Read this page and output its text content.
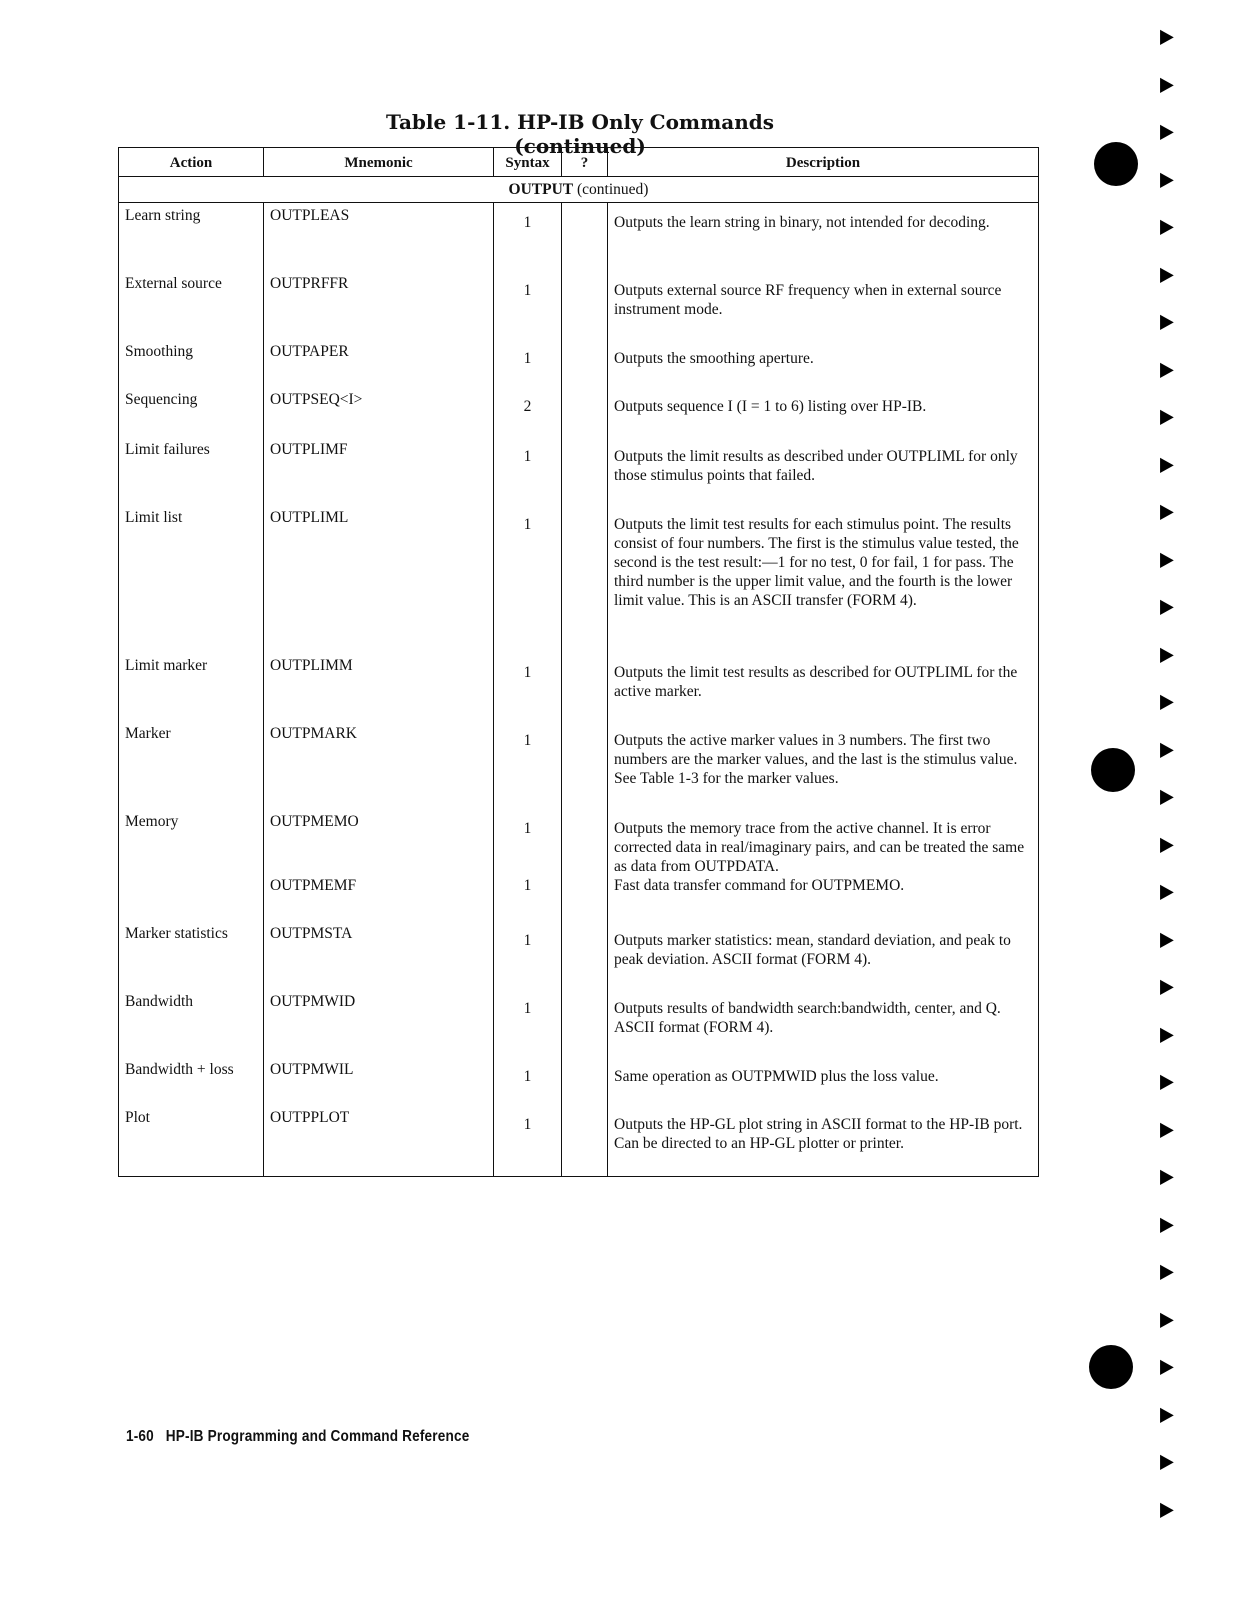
Table 1-11. HP-IB Only Commands (continued)
Action	Mnemonic	Syntax	?	Description
OUTPUT (continued)				
Learn string	OUTPLEAS	1		Outputs the learn string in binary, not intended for decoding.
External source	OUTPRFFR	1		Outputs external source RF frequency when in external source instrument mode.
Smoothing	OUTPAPER	1		Outputs the smoothing aperture.
Sequencing	OUTPSEQ<I>	2		Outputs sequence I (I = 1 to 6) listing over HP-IB.
Limit failures	OUTPLIMF	1		Outputs the limit results as described under OUTPLIML for only those stimulus points that failed.
Limit list	OUTPLIML	1		Outputs the limit test results for each stimulus point. The results consist of four numbers. The first is the stimulus value tested, the second is the test result:—1 for no test, 0 for fail, 1 for pass. The third number is the upper limit value, and the fourth is the lower limit value. This is an ASCII transfer (FORM 4).
Limit marker	OUTPLIMM	1		Outputs the limit test results as described for OUTPLIML for the active marker.
Marker	OUTPMARK	1		Outputs the active marker values in 3 numbers. The first two numbers are the marker values, and the last is the stimulus value. See Table 1-3 for the marker values.
Memory	OUTPMEMO	1		Outputs the memory trace from the active channel. It is error corrected data in real/imaginary pairs, and can be treated the same as data from OUTPDATA.
	OUTPMEMF	1		Fast data transfer command for OUTPMEMO.
Marker statistics	OUTPMSTA	1		Outputs marker statistics: mean, standard deviation, and peak to peak deviation. ASCII format (FORM 4).
Bandwidth	OUTPMWID	1		Outputs results of bandwidth search:bandwidth, center, and Q. ASCII format (FORM 4).
Bandwidth + loss	OUTPMWIL	1		Same operation as OUTPMWID plus the loss value.
Plot	OUTPPLOT	1		Outputs the HP-GL plot string in ASCII format to the HP-IB port. Can be directed to an HP-GL plotter or printer.
1-60 HP-IB Programming and Command Reference
▶
▶
▶
▶
▶
▶
▶
▶
▶
▶
▶
▶
▶
▶
▶
▶
▶
▶
▶
▶
▶
▶
▶
▶
▶
▶
▶
▶
▶
▶
▶
▶
